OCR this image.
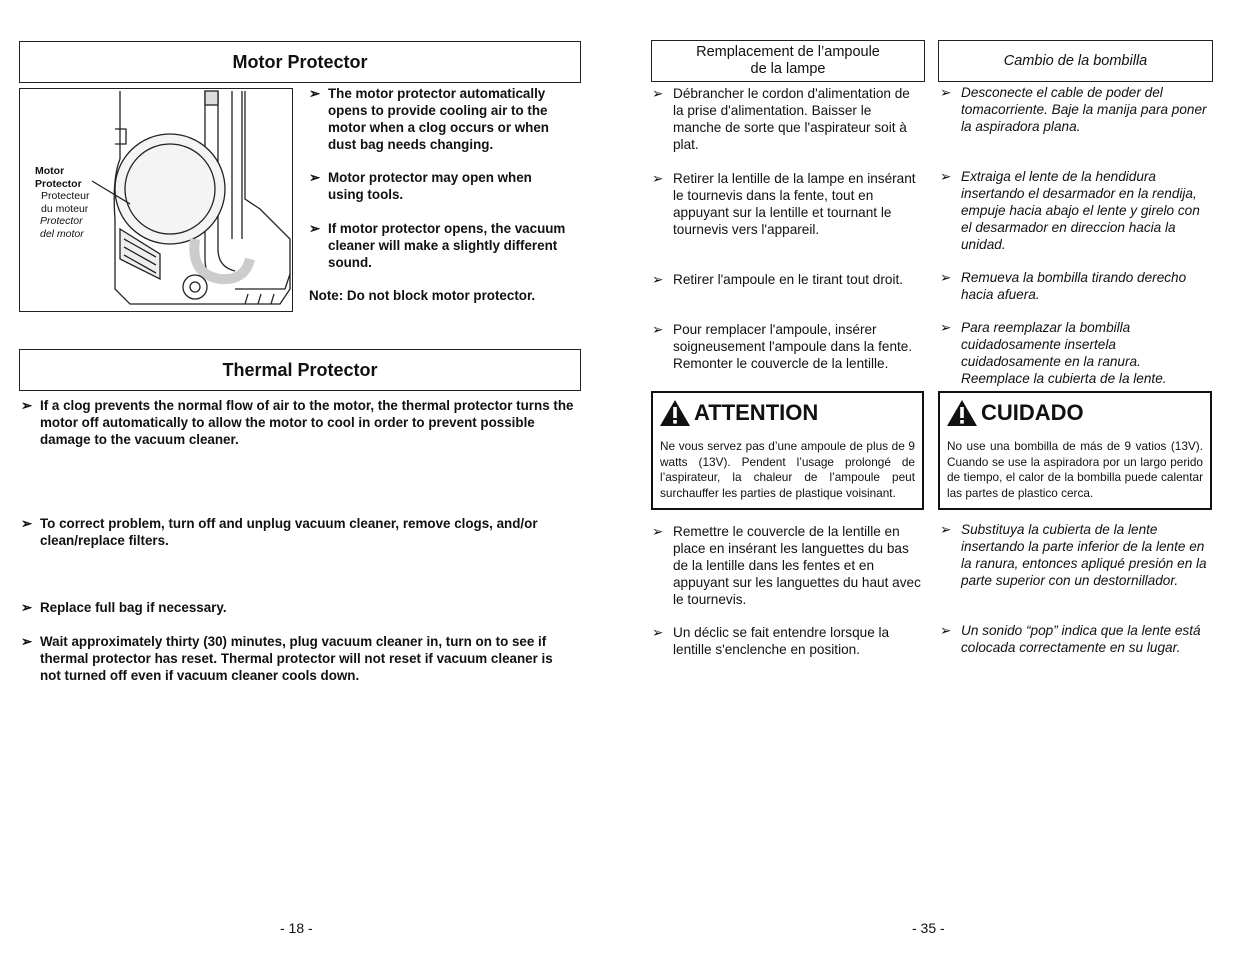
Motor Protector
Motor Protector
Protecteur du moteur
Protector del motor
➢ The motor protector automatically opens to provide cooling air to the motor when a clog occurs or when dust bag needs changing.
➢ Motor protector may open when using tools.
➢ If motor protector opens, the vacuum cleaner will make a slightly different sound.
Note: Do not block motor protector.
Thermal Protector
➢ If a clog prevents the normal flow of air to the motor, the thermal protector turns the motor off automatically to allow the motor to cool in order to prevent possible damage to the vacuum cleaner.
➢ To correct problem, turn off and unplug vacuum cleaner, remove clogs, and/or clean/replace filters.
➢ Replace full bag if necessary.
➢ Wait approximately thirty (30) minutes, plug vacuum cleaner in, turn on to see if thermal protector has reset. Thermal protector will not reset if vacuum cleaner is not turned off even if vacuum cleaner cools down.
- 18 -
Remplacement de l’ampoule
de la lampe
➢ Débrancher le cordon d'alimentation de la prise d'alimentation. Baisser le manche de sorte que l'aspirateur soit à plat.
➢ Retirer la lentille de la lampe en insérant le tournevis dans la fente, tout en appuyant sur la lentille et tournant le tournevis vers l'appareil.
➢ Retirer l'ampoule en le tirant tout droit.
➢ Pour remplacer l'ampoule, insérer soigneusement l'ampoule dans la fente. Remonter le couvercle de la lentille.
ATTENTION
Ne vous servez pas d’une ampoule de plus de 9 watts (13V). Pendent l’usage prolongé de l’aspirateur, la chaleur de l’ampoule peut surchauffer les parties de plastique voisinant.
➢ Remettre le couvercle de la lentille en place en insérant les languettes du bas de la lentille dans les fentes et en appuyant sur les languettes du haut avec le tournevis.
➢ Un déclic se fait entendre lorsque la lentille s'enclenche en position.
- 35 -
Cambio de la bombilla
➢ Desconecte el cable de poder del tomacorriente. Baje la manija para poner la aspiradora plana.
➢ Extraiga el lente de la hendidura insertando el desarmador en la rendija, empuje hacia abajo el lente y girelo con el desarmador en direccion hacia la unidad.
➢ Remueva la bombilla tirando derecho hacia afuera.
➢ Para reemplazar la bombilla cuidadosamente insertela cuidadosamente en la ranura. Reemplace la cubierta de la lente.
CUIDADO
No use una bombilla de más de 9 vatios (13V). Cuando se use la aspiradora por un largo perido de tiempo, el calor de la bombilla puede calentar las partes de plastico cerca.
➢ Substituya la cubierta de la lente insertando la parte inferior de la lente en la ranura, entonces apliqué presión en la parte superior con un destornillador.
➢ Un sonido “pop” indica que la lente está colocada correctamente en su lugar.
